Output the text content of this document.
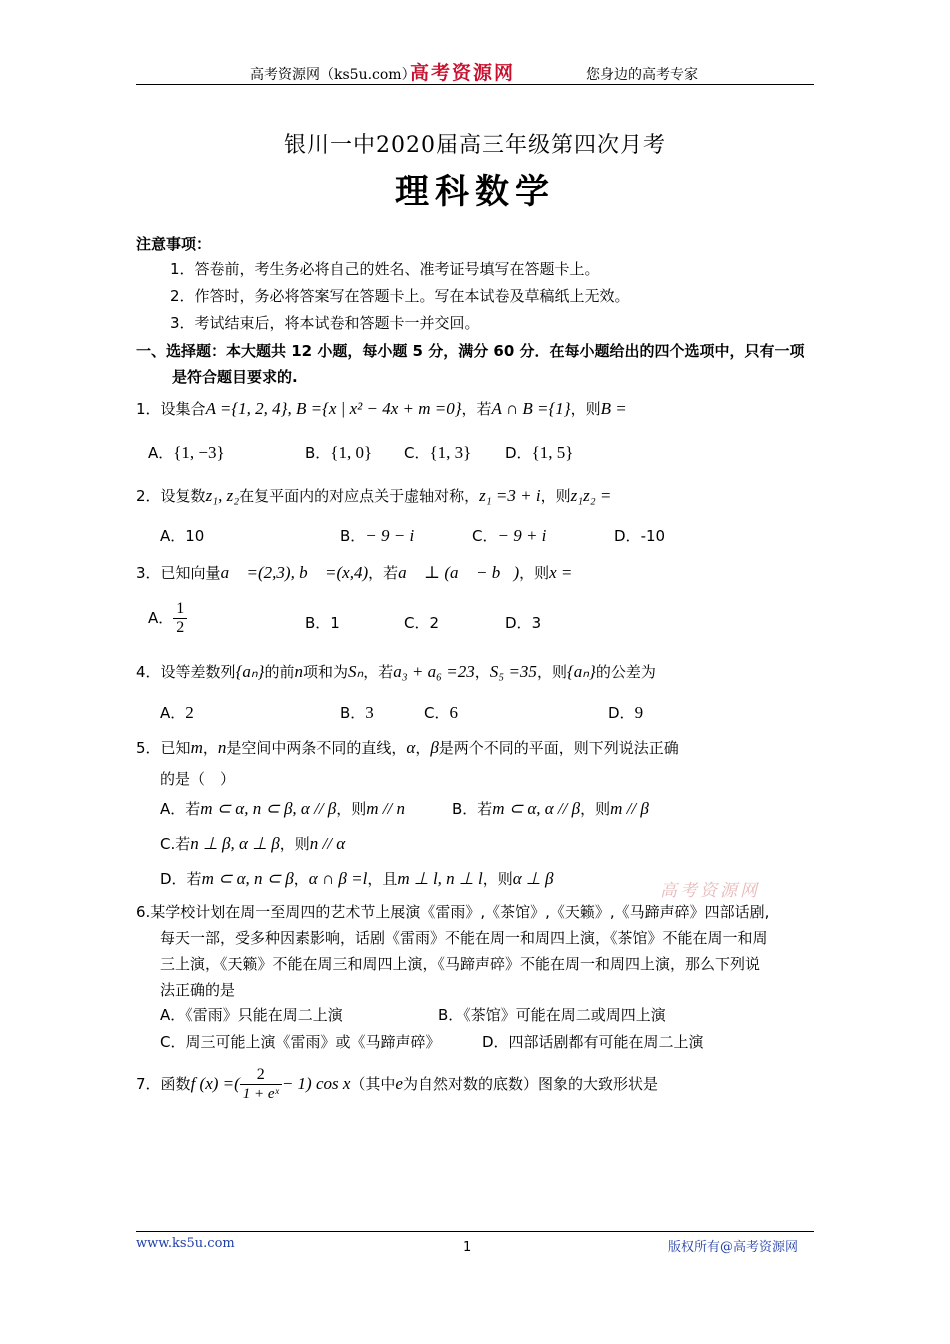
高考资源网（ks5u.com）
高考资源网	您身边的高考专家
银川一中2020届高三年级第四次月考
理科数学
注意事项：
1．答卷前，考生务必将自己的姓名、准考证号填写在答题卡上。
2．作答时，务必将答案写在答题卡上。写在本试卷及草稿纸上无效。
3．考试结束后，将本试卷和答题卡一并交回。
一、选择题：本大题共 12 小题，每小题 5 分，满分 60 分．在每小题给出的四个选项中，只有一项
是符合题目要求的.
1．设集合A ={1, 2, 4}, B ={x | x² − 4x + m =0}，若A ∩ B ={1}，则B =
A．{1, −3}	B．{1, 0} C．{1, 3} D．{1, 5}
2．设复数z₁, z₂在复平面内的对应点关于虚轴对称，z₁ =3 + i，则z₁z₂ =
A．10	B．− 9 − i	C．− 9 + i	D．-10
3．已知向量a⃗ =(2,3), b⃗ =(x,4)，若a⃗ ⊥ (a⃗ − b⃗)，则x =
A． $\frac{1}{2}$	B．1	C．2	D．3
4．设等差数列{aₙ}的前n项和为Sₙ，若a₃ + a₆ =23，S₅ =35，则{aₙ}的公差为
A．2	B．3	C．6	D．9
5．已知m，n是空间中两条不同的直线，α，β是两个不同的平面，则下列说法正确
的是（　）
A．若m ⊂ α, n ⊂ β, α // β，则m // n	B．若m ⊂ α, α // β，则m // β
C.若n ⊥ β, α ⊥ β，则n // α
D．若m ⊂ α, n ⊂ β，α ∩ β =l，且m ⊥ l, n ⊥ l，则α ⊥ β
高考资源网
6.某学校计划在周一至周四的艺术节上展演《雷雨》,《茶馆》,《天籁》,《马蹄声碎》四部话剧,
每天一部，受多种因素影响，话剧《雷雨》不能在周一和周四上演，《茶馆》不能在周一和周
三上演，《天籁》不能在周三和周四上演，《马蹄声碎》不能在周一和周四上演，那么下列说
法正确的是
A．《雷雨》只能在周二上演	B．《茶馆》可能在周二或周四上演
C．周三可能上演《雷雨》或《马蹄声碎》	D．四部话剧都有可能在周二上演
7．函数f (x) =( $\frac{2}{\text{1 + eˣ}} - 1$) cos x（其中e为自然对数的底数）图象的大致形状是
www.ks5u.com	1	版权所有@高考资源网
